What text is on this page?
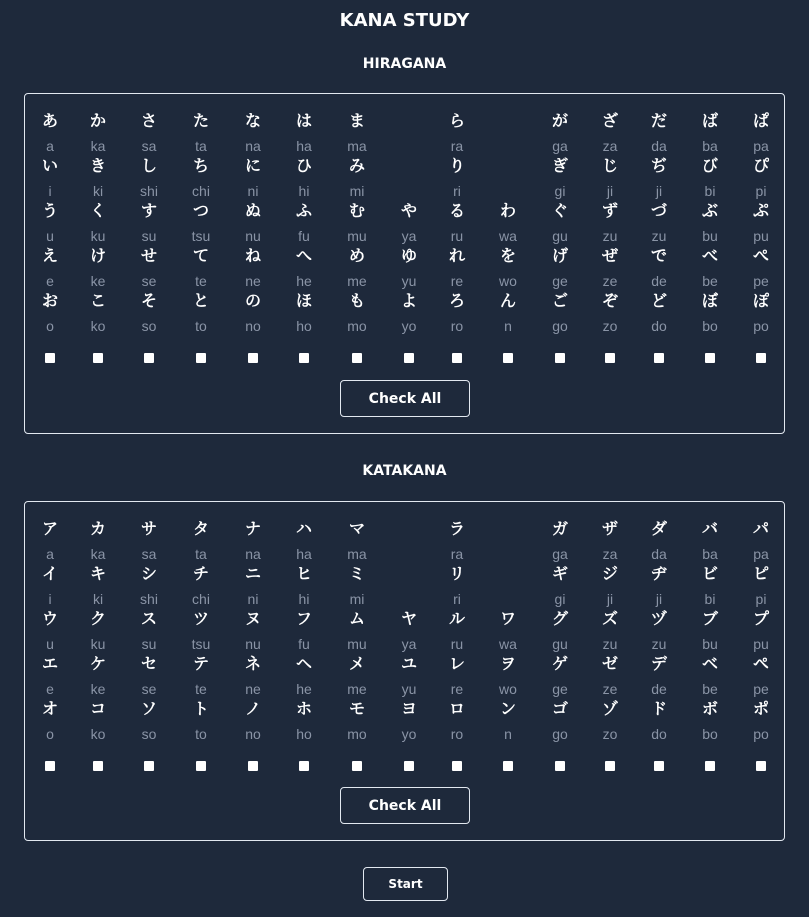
KANA STUDY
HIRAGANA
あ
a
い
i
う
u
え
e
お
o
か
ka
き
ki
く
ku
け
ke
こ
ko
さ
sa
し
shi
す
su
せ
se
そ
so
た
ta
ち
chi
つ
tsu
て
te
と
to
な
na
に
ni
ぬ
nu
ね
ne
の
no
は
ha
ひ
hi
ふ
fu
へ
he
ほ
ho
ま
ma
み
mi
む
mu
め
me
も
mo
や
ya
ゆ
yu
よ
yo
ら
ra
り
ri
る
ru
れ
re
ろ
ro
わ
wa
を
wo
ん
n
が
ga
ぎ
gi
ぐ
gu
げ
ge
ご
go
ざ
za
じ
ji
ず
zu
ぜ
ze
ぞ
zo
だ
da
ぢ
ji
づ
zu
で
de
ど
do
ば
ba
び
bi
ぶ
bu
べ
be
ぼ
bo
ぱ
pa
ぴ
pi
ぷ
pu
ぺ
pe
ぽ
po
Check All
KATAKANA
ア
a
イ
i
ウ
u
エ
e
オ
o
カ
ka
キ
ki
ク
ku
ケ
ke
コ
ko
サ
sa
シ
shi
ス
su
セ
se
ソ
so
タ
ta
チ
chi
ツ
tsu
テ
te
ト
to
ナ
na
ニ
ni
ヌ
nu
ネ
ne
ノ
no
ハ
ha
ヒ
hi
フ
fu
ヘ
he
ホ
ho
マ
ma
ミ
mi
ム
mu
メ
me
モ
mo
ヤ
ya
ユ
yu
ヨ
yo
ラ
ra
リ
ri
ル
ru
レ
re
ロ
ro
ワ
wa
ヲ
wo
ン
n
ガ
ga
ギ
gi
グ
gu
ゲ
ge
ゴ
go
ザ
za
ジ
ji
ズ
zu
ゼ
ze
ゾ
zo
ダ
da
ヂ
ji
ヅ
zu
デ
de
ド
do
バ
ba
ビ
bi
ブ
bu
ベ
be
ボ
bo
パ
pa
ピ
pi
プ
pu
ペ
pe
ポ
po
Check All
Start
